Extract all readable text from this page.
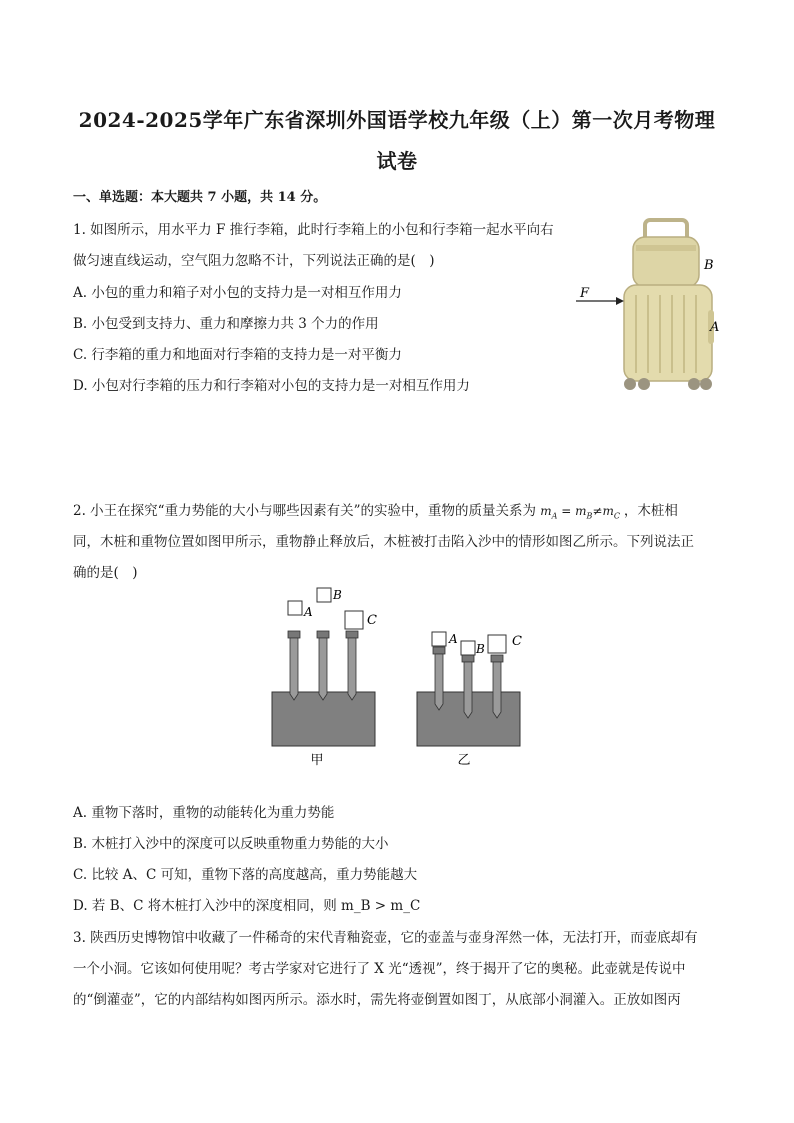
2024-2025学年广东省深圳外国语学校九年级（上）第一次月考物理
试卷
一、单选题：本大题共 7 小题，共 14 分。
1. 如图所示，用水平力 F 推行李箱，此时行李箱上的小包和行李箱一起水平向右
做匀速直线运动，空气阻力忽略不计，下列说法正确的是(　)
A. 小包的重力和箱子对小包的支持力是一对相互作用力
B. 小包受到支持力、重力和摩擦力共 3 个力的作用
C. 行李箱的重力和地面对行李箱的支持力是一对平衡力
D. 小包对行李箱的压力和行李箱对小包的支持力是一对相互作用力
F
B
A
2. 小王在探究“重力势能的大小与哪些因素有关”的实验中，重物的质量关系为 $m_A = m_B\ne m_C$ ，木桩相
同，木桩和重物位置如图甲所示，重物静止释放后，木桩被打击陷入沙中的情形如图乙所示。下列说法正
确的是(　)
A
B
C
甲
A
B C
乙
A. 重物下落时，重物的动能转化为重力势能
B. 木桩打入沙中的深度可以反映重物重力势能的大小
C. 比较 A、C 可知，重物下落的高度越高，重力势能越大
D. 若 B、C 将木桩打入沙中的深度相同，则 m_B > m_C
3. 陕西历史博物馆中收藏了一件稀奇的宋代青釉瓷壶，它的壶盖与壶身浑然一体，无法打开，而壶底却有
一个小洞。它该如何使用呢？考古学家对它进行了 X 光“透视”，终于揭开了它的奥秘。此壶就是传说中
的“倒灌壶”，它的内部结构如图丙所示。添水时，需先将壶倒置如图丁，从底部小洞灌入。正放如图丙
